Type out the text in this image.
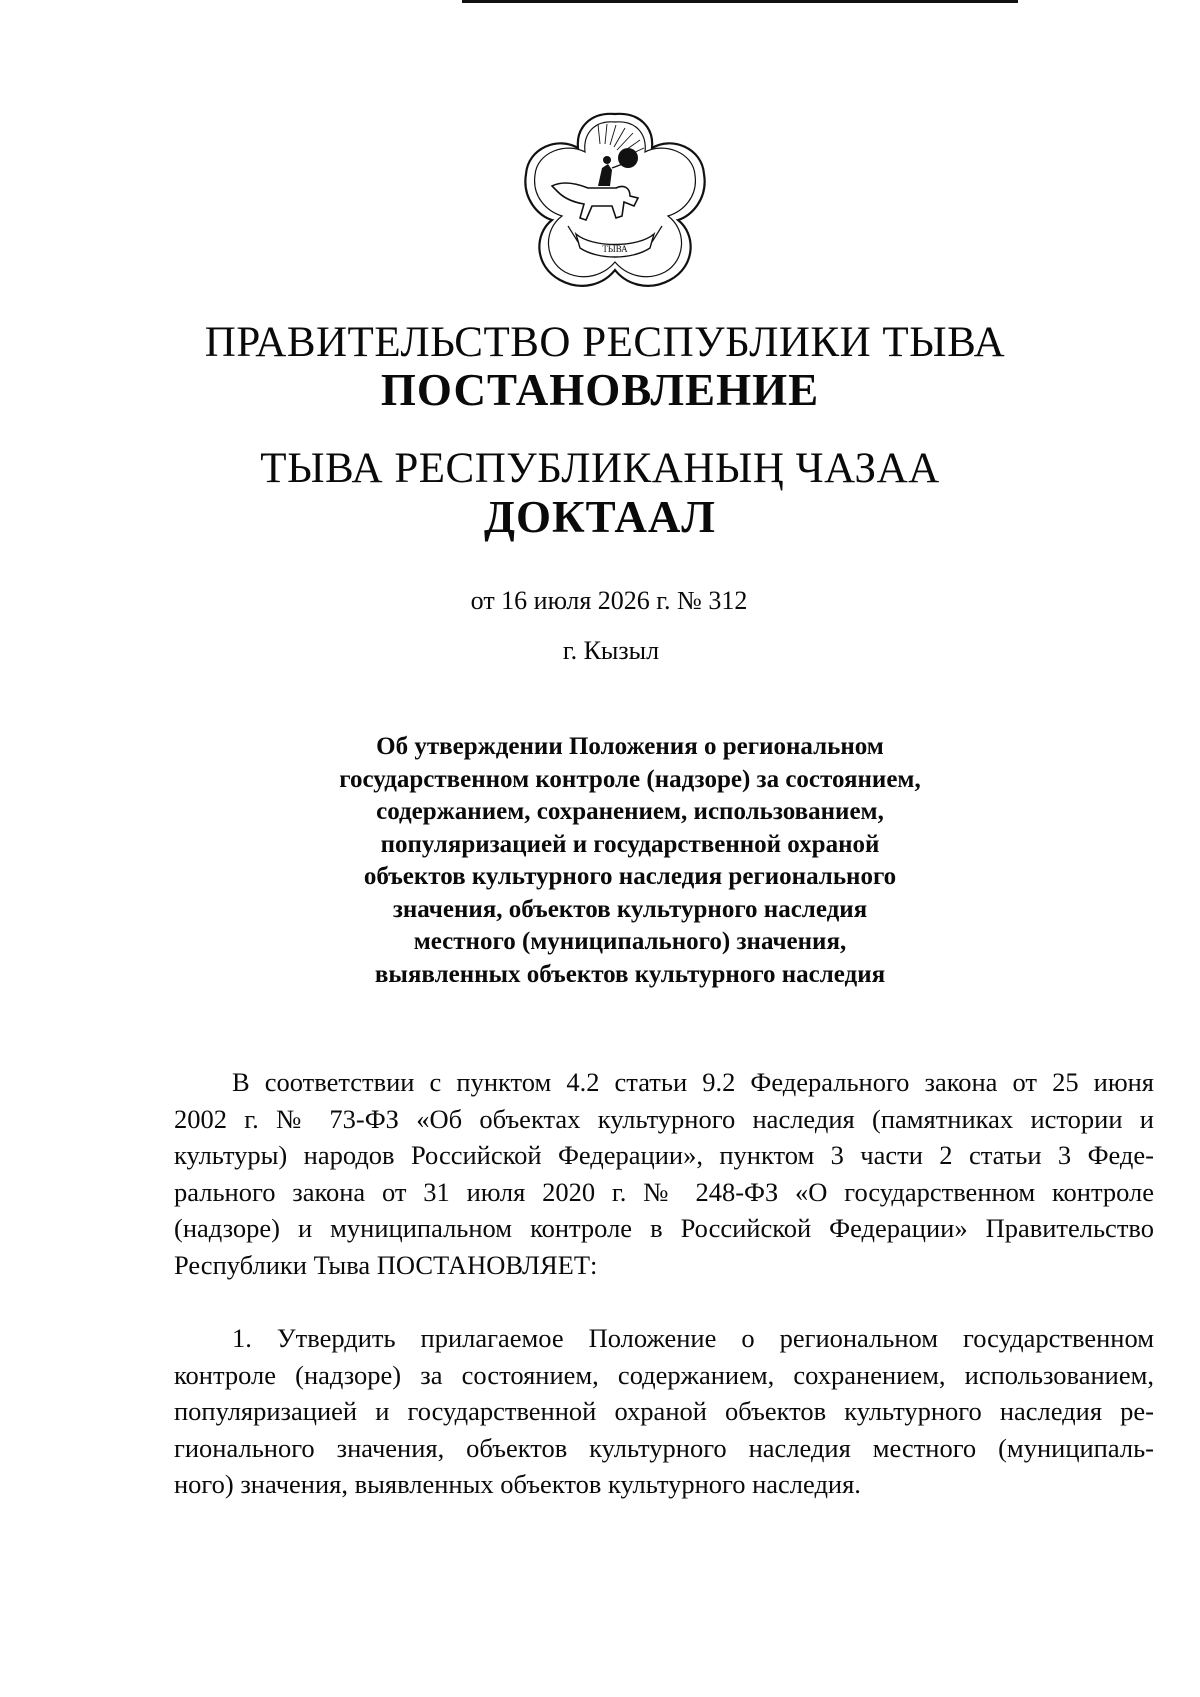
ТЫВА
ПРАВИТЕЛЬСТВО РЕСПУБЛИКИ ТЫВА
ПОСТАНОВЛЕНИЕ
ТЫВА РЕСПУБЛИКАНЫҢ ЧАЗАА
ДОКТААЛ
от 16 июля 2026 г. № 312
г. Кызыл
Об утверждении Положения о региональном
государственном контроле (надзоре) за состоянием,
содержанием, сохранением, использованием,
популяризацией и государственной охраной
объектов культурного наследия регионального
значения, объектов культурного наследия
местного (муниципального) значения,
выявленных объектов культурного наследия
В соответствии с пунктом 4.2 статьи 9.2 Федерального закона от 25 июня
2002 г. № 73-ФЗ «Об объектах культурного наследия (памятниках истории и
культуры) народов Российской Федерации», пунктом 3 части 2 статьи 3 Феде-
рального закона от 31 июля 2020 г. № 248-ФЗ «О государственном контроле
(надзоре) и муниципальном контроле в Российской Федерации» Правительство
Республики Тыва ПОСТАНОВЛЯЕТ:
1. Утвердить прилагаемое Положение о региональном государственном
контроле (надзоре) за состоянием, содержанием, сохранением, использованием,
популяризацией и государственной охраной объектов культурного наследия ре-
гионального значения, объектов культурного наследия местного (муниципаль-
ного) значения, выявленных объектов культурного наследия.
